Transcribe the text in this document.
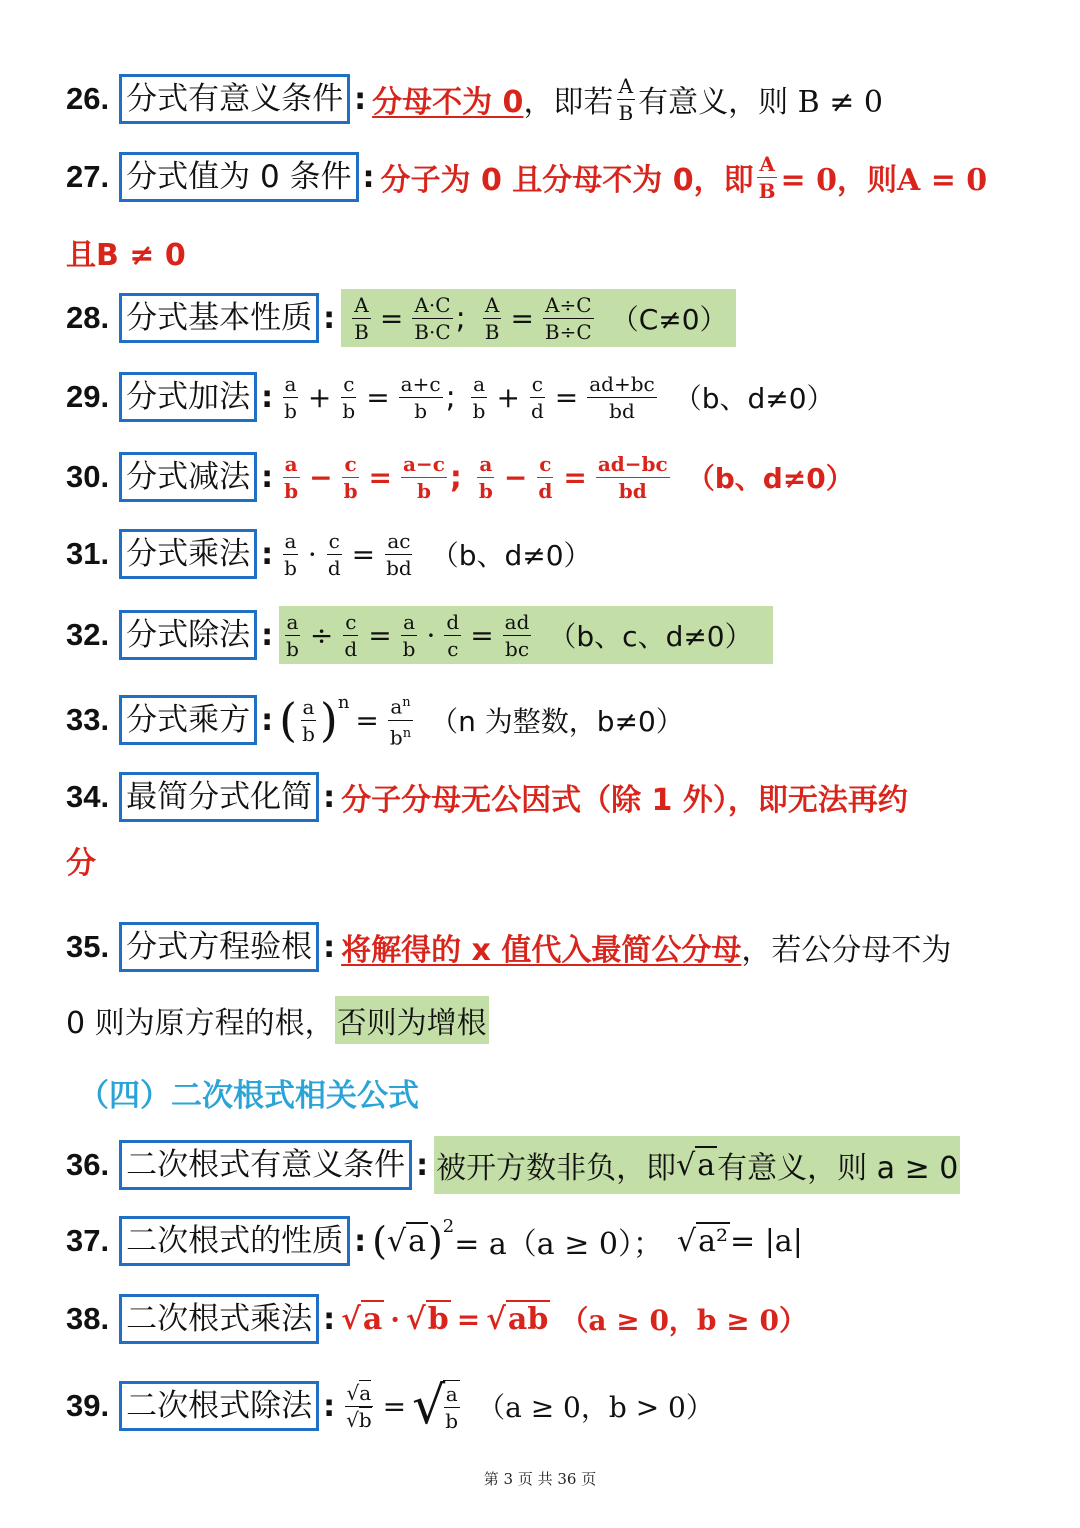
26. 分式有意义条件 : 分母不为 0 ，即若 $\frac{A}{B}$ 有意义，则 B ≠ 0
27. 分式值为 0 条件 : 分子为 0 且分母不为 0，即 $\frac{A}{B} = 0$，则A = 0
且B ≠ 0
28. 分式基本性质 : $\frac{A}{B} = \frac{A\cdot C}{B\cdot C}$ ; $\frac{A}{B} = \frac{A\div C}{B\div C} (C\ne 0)$
29. 分式加法 : $\frac{a}{b} + \frac{c}{b} = \frac{a+c}{b}$ ; $\frac{a}{b} + \frac{c}{d} = \frac{ad+bc}{bd} (b$、d≠0）
30. 分式减法 : $\frac{a}{b} - \frac{c}{b} = \frac{a-c}{b}$ ; $\frac{a}{b} - \frac{c}{d} = \frac{ad-bc}{bd} (b$、d≠0）
31. 分式乘法 : $\frac{a}{b} \cdot \frac{c}{d} = \frac{ac}{bd} (b$、d≠0）
32. 分式除法 : $\frac{a}{b} \div \frac{c}{d} = \frac{a}{b} \cdot \frac{d}{c} = \frac{ad}{bc} (b$、c、d≠0）
33. 分式乘方 : ( $\frac{a}{b}$ ) n
= $\frac{a^n}{b^n} (n$ 为整数，b≠0）
34. 最简分式化简 : 分子分母无公因式（除 1 外），即无法再约
分
35. 分式方程验根 : 将解得的 x 值代入最简公分母 ，若公分母不为
0 则为原方程的根， 否则为增根
（四）二次根式相关公式
36. 二次根式有意义条件 : 被开方数非负，即 √a 有意义，则 a ≥ 0
37. 二次根式的性质 : ( √a ) 2
= a（a ≥ 0）； √a² = |a|
38. 二次根式乘法 : √a · √b = √ab （a ≥ 0，b ≥ 0）
39. 二次根式除法 : $\frac{√a}{√b}$ = √
$\frac{a}{b} (a \ge 0$，b > 0）
第 3 页 共 36 页
